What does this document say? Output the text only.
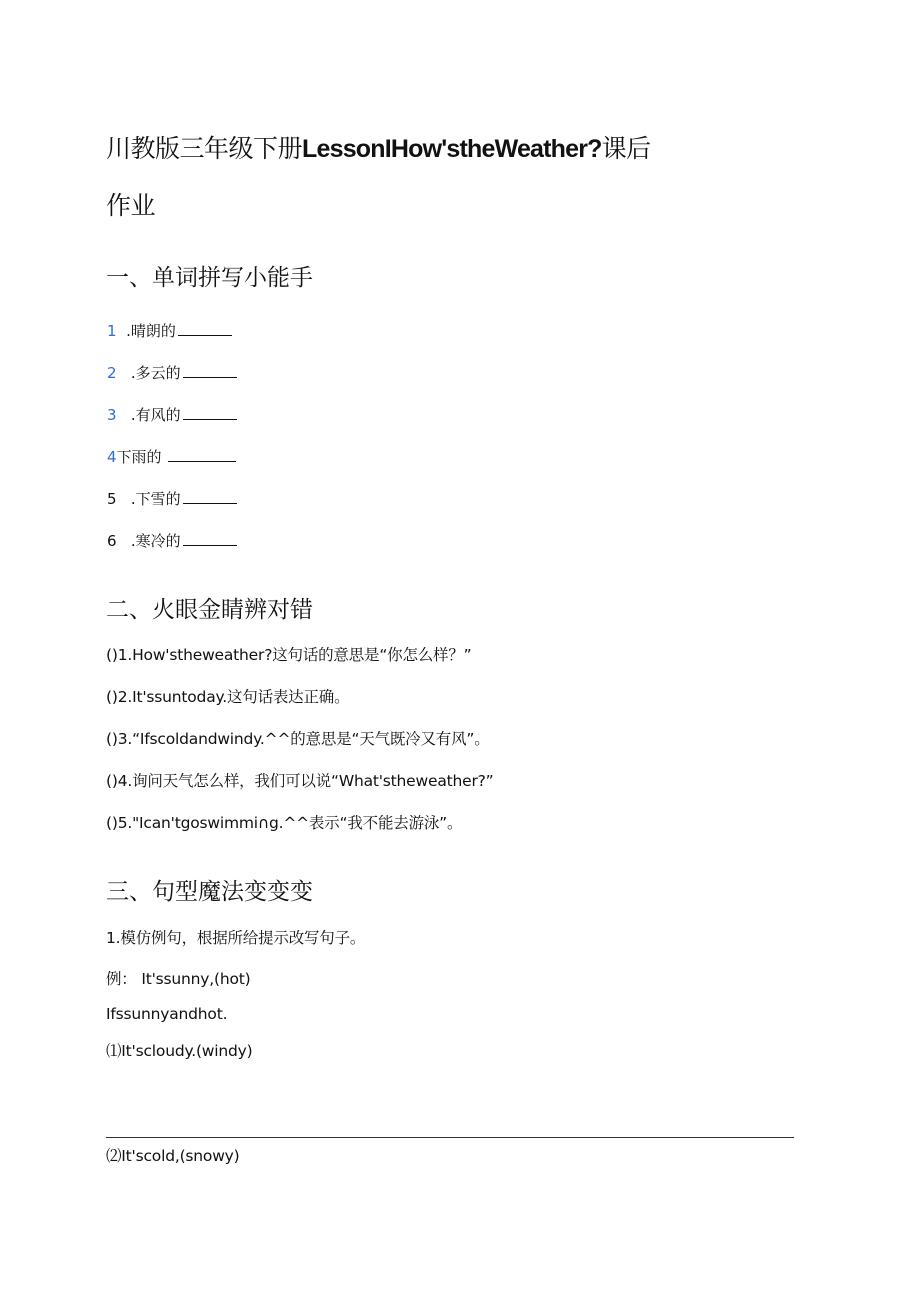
川教版三年级下册LessonIHow'stheWeather?课后
作业
一、单词拼写小能手
1 .晴朗的
2 .多云的
3 .有风的
4下雨的
5 .下雪的
6 .寒冷的
二、火眼金睛辨对错
()1.How'stheweather?这句话的意思是“你怎么样？”
()2.It'ssuntoday.这句话表达正确。
()3.“Ifscoldandwindy.^^的意思是“天气既冷又有风”。
()4.询问天气怎么样，我们可以说“What'stheweather?”
()5."Ican'tgoswimmi∩g.^^表示“我不能去游泳”。
三、句型魔法变变变
1.模仿例句，根据所给提示改写句子。
例： It'ssunny,(hot)
Ifssunnyandhot.
⑴It'scloudy.(windy)
⑵It'scold,(snowy)
